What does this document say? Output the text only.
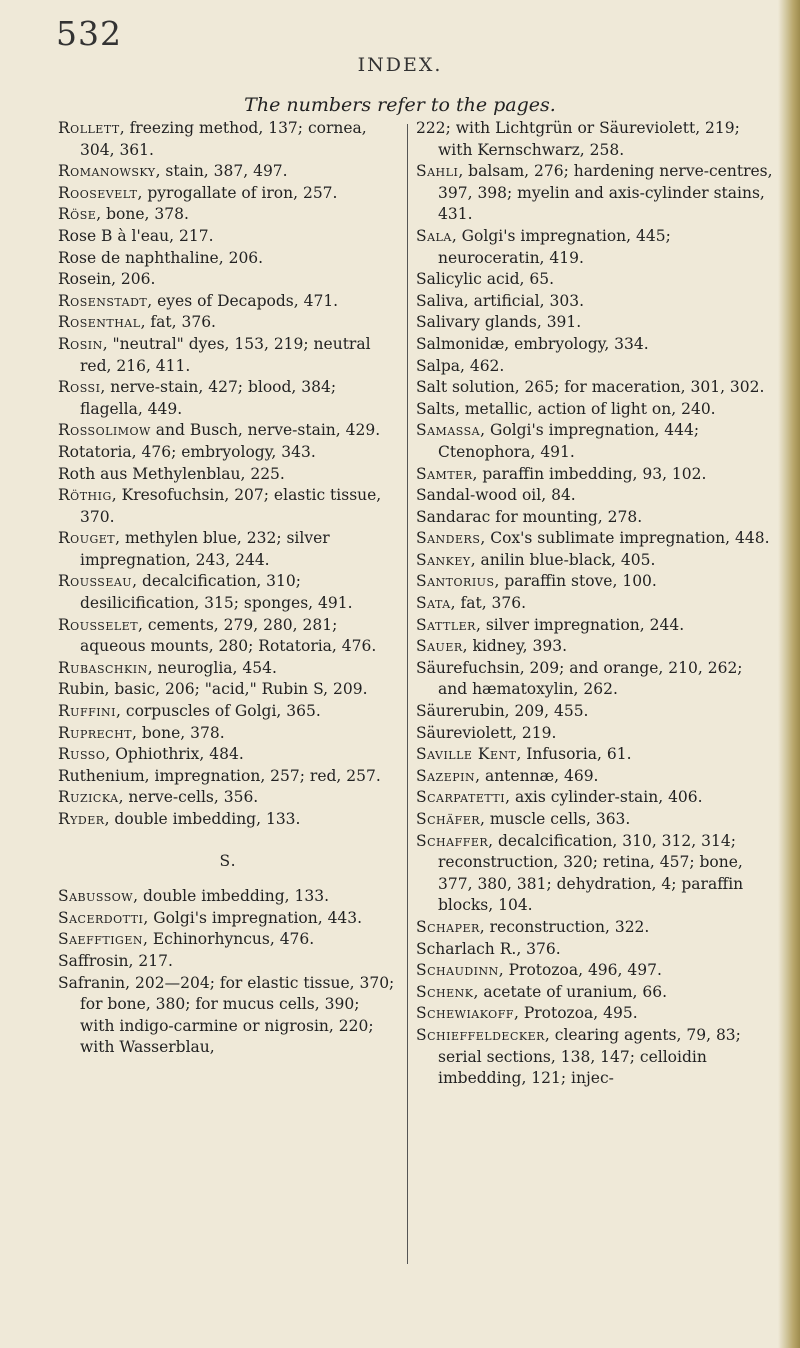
532
INDEX.
The numbers refer to the pages.
Rollett, freezing method, 137; cornea, 304, 361.
Romanowsky, stain, 387, 497.
Roosevelt, pyrogallate of iron, 257.
Röse, bone, 378.
Rose B à l'eau, 217.
Rose de naphthaline, 206.
Rosein, 206.
Rosenstadt, eyes of Decapods, 471.
Rosenthal, fat, 376.
Rosin, "neutral" dyes, 153, 219; neutral red, 216, 411.
Rossi, nerve-stain, 427; blood, 384; flagella, 449.
Rossolimow and Busch, nerve-stain, 429.
Rotatoria, 476; embryology, 343.
Roth aus Methylenblau, 225.
Röthig, Kresofuchsin, 207; elastic tissue, 370.
Rouget, methylen blue, 232; silver impregnation, 243, 244.
Rousseau, decalcification, 310; desilicification, 315; sponges, 491.
Rousselet, cements, 279, 280, 281; aqueous mounts, 280; Rotatoria, 476.
Rubaschkin, neuroglia, 454.
Rubin, basic, 206; "acid," Rubin S, 209.
Ruffini, corpuscles of Golgi, 365.
Ruprecht, bone, 378.
Russo, Ophiothrix, 484.
Ruthenium, impregnation, 257; red, 257.
Ruzicka, nerve-cells, 356.
Ryder, double imbedding, 133.
S.
Sabussow, double imbedding, 133.
Sacerdotti, Golgi's impregnation, 443.
Saefftigen, Echinorhyncus, 476.
Saffrosin, 217.
Safranin, 202—204; for elastic tissue, 370; for bone, 380; for mucus cells, 390; with indigo-carmine or nigrosin, 220; with Wasserblau,
222; with Lichtgrün or Säureviolett, 219; with Kernschwarz, 258.
Sahli, balsam, 276; hardening nerve-centres, 397, 398; myelin and axis-cylinder stains, 431.
Sala, Golgi's impregnation, 445; neuroceratin, 419.
Salicylic acid, 65.
Saliva, artificial, 303.
Salivary glands, 391.
Salmonidæ, embryology, 334.
Salpa, 462.
Salt solution, 265; for maceration, 301, 302.
Salts, metallic, action of light on, 240.
Samassa, Golgi's impregnation, 444; Ctenophora, 491.
Samter, paraffin imbedding, 93, 102.
Sandal-wood oil, 84.
Sandarac for mounting, 278.
Sanders, Cox's sublimate impregnation, 448.
Sankey, anilin blue-black, 405.
Santorius, paraffin stove, 100.
Sata, fat, 376.
Sattler, silver impregnation, 244.
Sauer, kidney, 393.
Säurefuchsin, 209; and orange, 210, 262; and hæmatoxylin, 262.
Säurerubin, 209, 455.
Säureviolett, 219.
Saville Kent, Infusoria, 61.
Sazepin, antennæ, 469.
Scarpatetti, axis cylinder-stain, 406.
Schäfer, muscle cells, 363.
Schaffer, decalcification, 310, 312, 314; reconstruction, 320; retina, 457; bone, 377, 380, 381; dehydration, 4; paraffin blocks, 104.
Schaper, reconstruction, 322.
Scharlach R., 376.
Schaudinn, Protozoa, 496, 497.
Schenk, acetate of uranium, 66.
Schewiakoff, Protozoa, 495.
Schieffeldecker, clearing agents, 79, 83; serial sections, 138, 147; celloidin imbedding, 121; injec-
